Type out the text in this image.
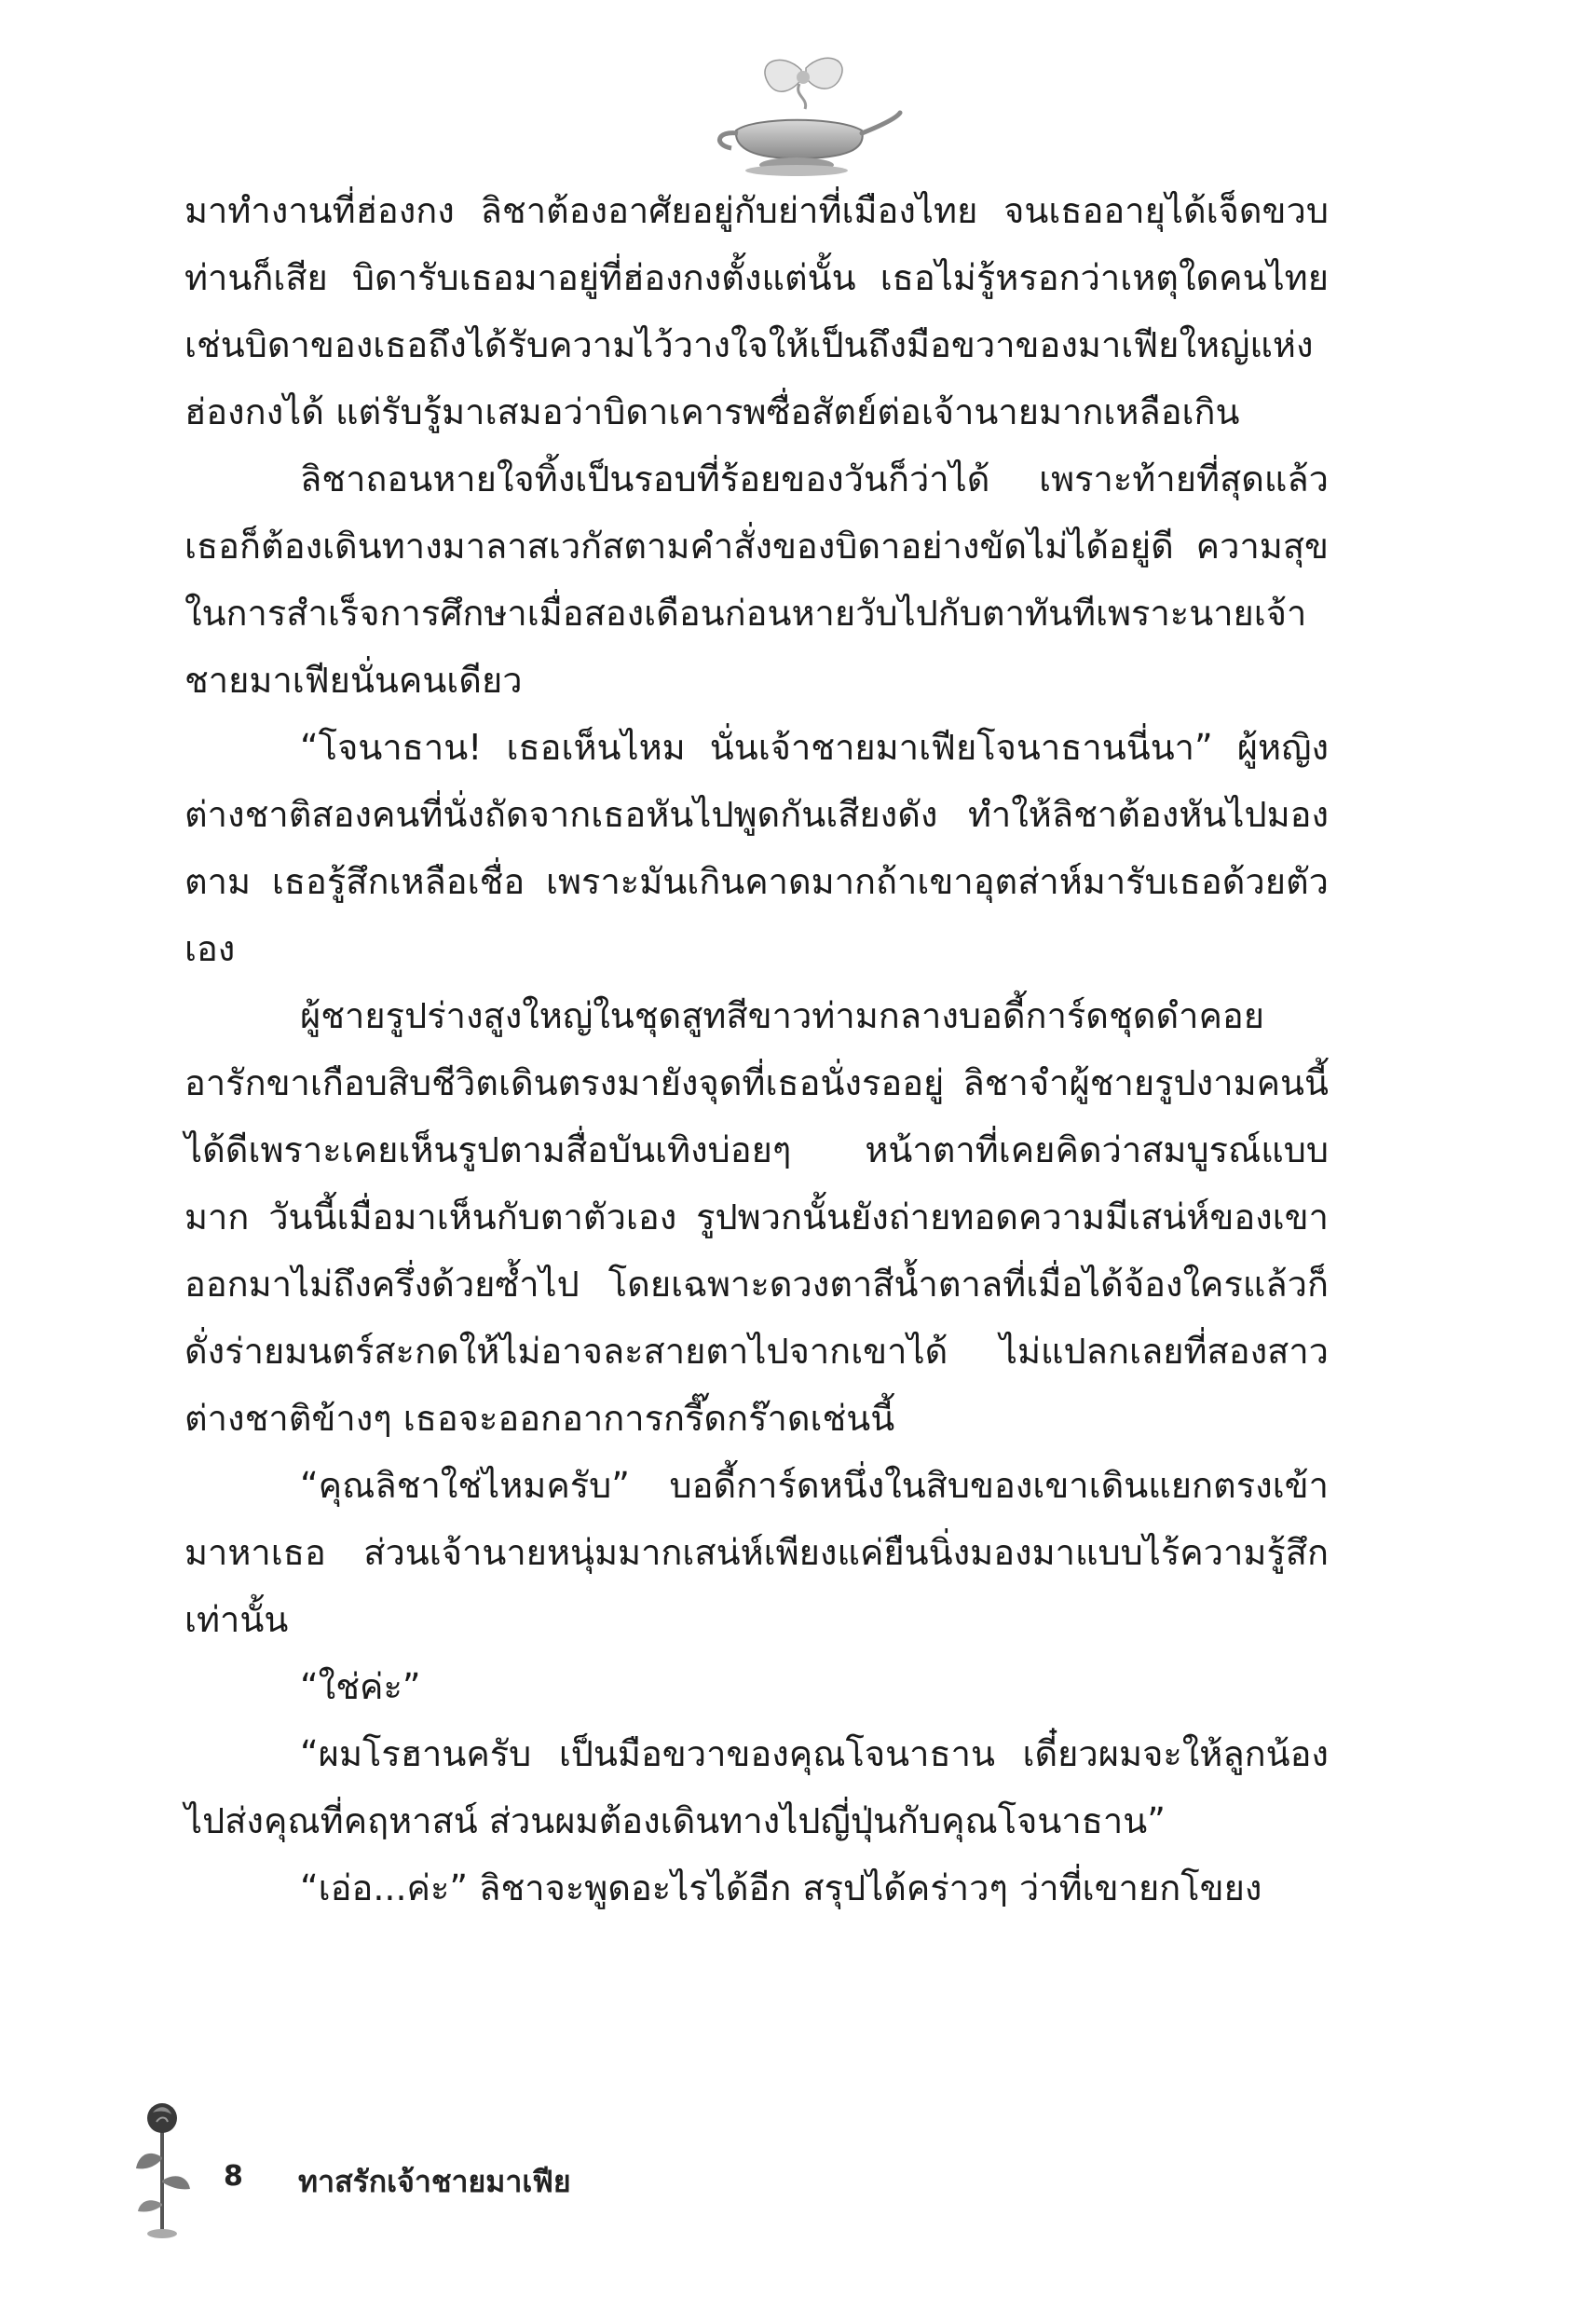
มาทำงานที่ฮ่องกง ลิชาต้องอาศัยอยู่กับย่าที่เมืองไทย จนเธออายุได้เจ็ดขวบท่านก็เสีย บิดารับเธอมาอยู่ที่ฮ่องกงตั้งแต่นั้น เธอไม่รู้หรอกว่าเหตุใดคนไทยเช่นบิดาของเธอถึงได้รับความไว้วางใจให้เป็นถึงมือขวาของมาเฟียใหญ่แห่งฮ่องกงได้ แต่รับรู้มาเสมอว่าบิดาเคารพซื่อสัตย์ต่อเจ้านายมากเหลือเกิน

ลิชาถอนหายใจทิ้งเป็นรอบที่ร้อยของวันก็ว่าได้ เพราะท้ายที่สุดแล้วเธอก็ต้องเดินทางมาลาสเวกัสตามคำสั่งของบิดาอย่างขัดไม่ได้อยู่ดี ความสุขในการสำเร็จการศึกษาเมื่อสองเดือนก่อนหายวับไปกับตาทันทีเพราะนายเจ้าชายมาเฟียนั่นคนเดียว

“โจนาธาน! เธอเห็นไหม นั่นเจ้าชายมาเฟียโจนาธานนี่นา” ผู้หญิงต่างชาติสองคนที่นั่งถัดจากเธอหันไปพูดกันเสียงดัง ทำให้ลิชาต้องหันไปมองตาม เธอรู้สึกเหลือเชื่อ เพราะมันเกินคาดมากถ้าเขาอุตส่าห์มารับเธอด้วยตัวเอง

ผู้ชายรูปร่างสูงใหญ่ในชุดสูทสีขาวท่ามกลางบอดี้การ์ดชุดดำคอยอารักขาเกือบสิบชีวิตเดินตรงมายังจุดที่เธอนั่งรออยู่ ลิชาจำผู้ชายรูปงามคนนี้ได้ดีเพราะเคยเห็นรูปตามสื่อบันเทิงบ่อยๆ หน้าตาที่เคยคิดว่าสมบูรณ์แบบมาก วันนี้เมื่อมาเห็นกับตาตัวเอง รูปพวกนั้นยังถ่ายทอดความมีเสน่ห์ของเขาออกมาไม่ถึงครึ่งด้วยซ้ำไป โดยเฉพาะดวงตาสีน้ำตาลที่เมื่อได้จ้องใครแล้วก็ดั่งร่ายมนตร์สะกดให้ไม่อาจละสายตาไปจากเขาได้ ไม่แปลกเลยที่สองสาวต่างชาติข้างๆ เธอจะออกอาการกรี๊ดกร๊าดเช่นนี้

“คุณลิชาใช่ไหมครับ” บอดี้การ์ดหนึ่งในสิบของเขาเดินแยกตรงเข้ามาหาเธอ ส่วนเจ้านายหนุ่มมากเสน่ห์เพียงแค่ยืนนิ่งมองมาแบบไร้ความรู้สึกเท่านั้น

“ใช่ค่ะ”

“ผมโรฮานครับ เป็นมือขวาของคุณโจนาธาน เดี๋ยวผมจะให้ลูกน้องไปส่งคุณที่คฤหาสน์ ส่วนผมต้องเดินทางไปญี่ปุ่นกับคุณโจนาธาน”

“เอ่อ...ค่ะ” ลิชาจะพูดอะไรได้อีก สรุปได้คร่าวๆ ว่าที่เขายกโขยง

8 ทาสรักเจ้าชายมาเฟีย
